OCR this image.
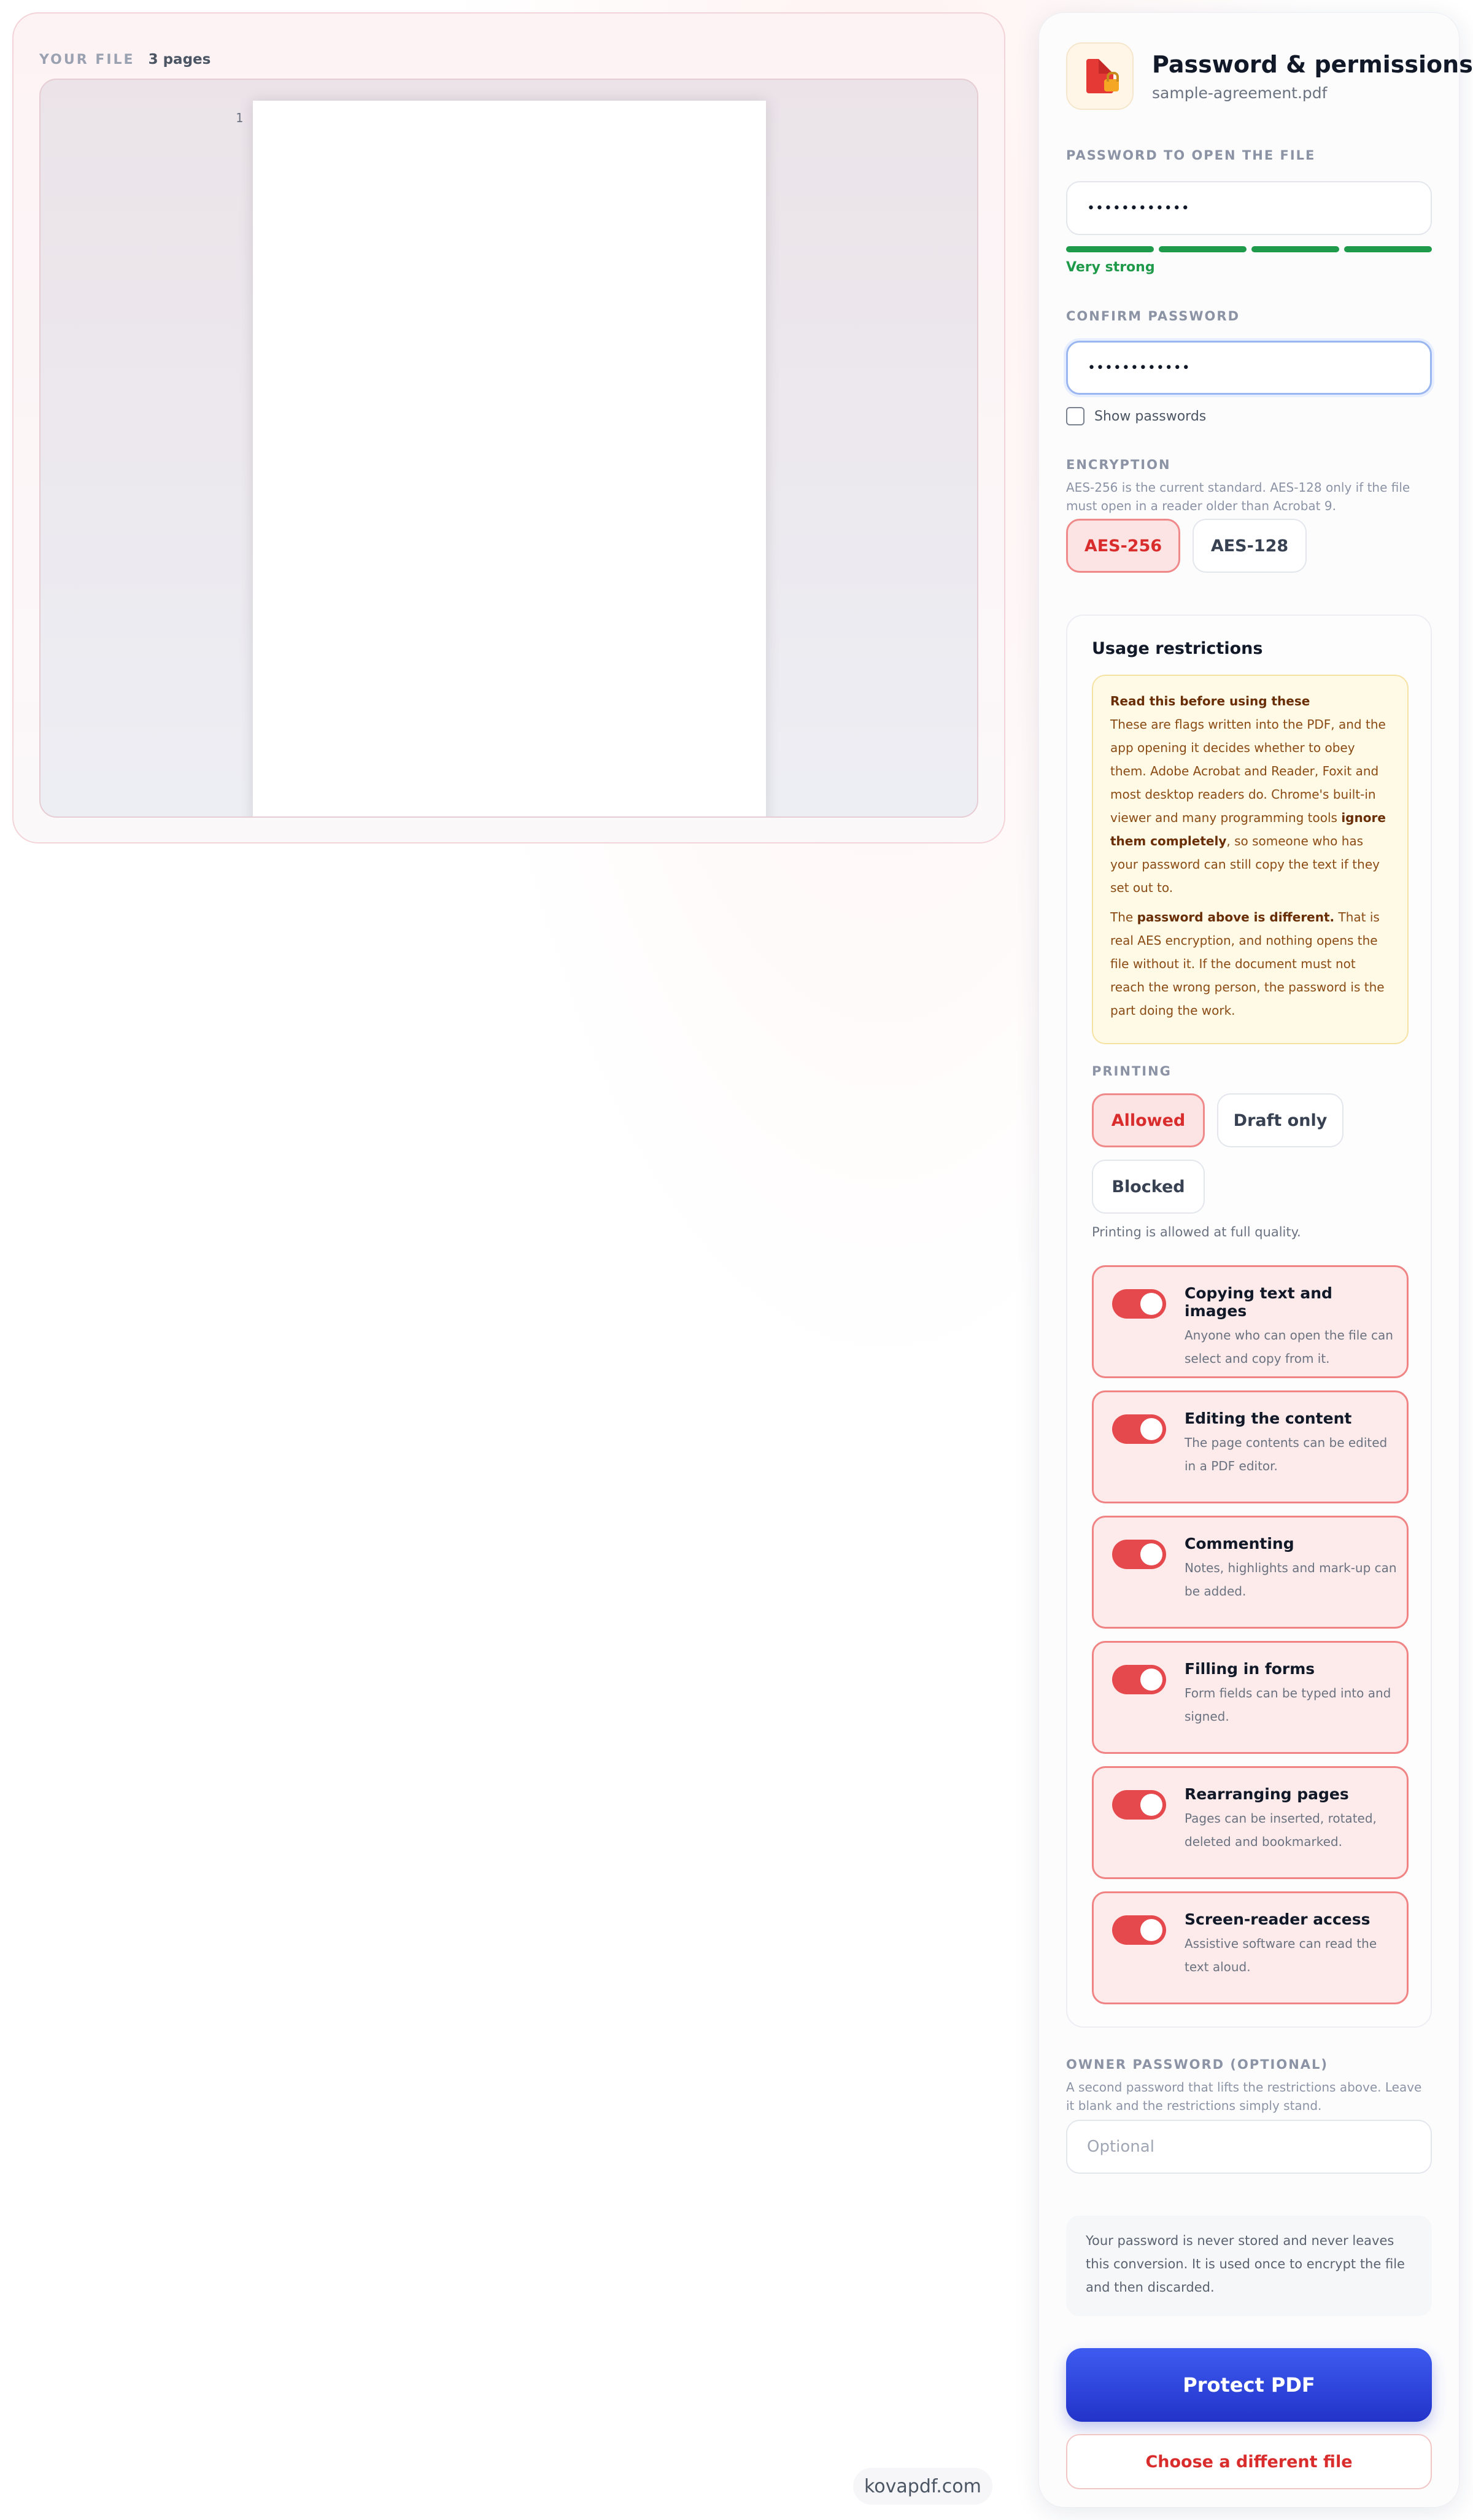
YOUR FILE 3 pages
1
kovapdf.com
Password & permissions
sample-agreement.pdf
PASSWORD TO OPEN THE FILE
••••••••••••
Very strong
CONFIRM PASSWORD
••••••••••••
Show passwords
ENCRYPTION
AES-256 is the current standard. AES-128 only if the file must open in a reader older than Acrobat 9.
AES-256	AES-128
Usage restrictions
Read this before using these
These are flags written into the PDF, and the app opening it decides whether to obey them. Adobe Acrobat and Reader, Foxit and most desktop readers do. Chrome's built-in viewer and many programming tools ignore them completely, so someone who has your password can still copy the text if they set out to.
The password above is different. That is real AES encryption, and nothing opens the file without it. If the document must not reach the wrong person, the password is the part doing the work.
PRINTING
Allowed	Draft only
Blocked
Printing is allowed at full quality.
Copying text and images
Anyone who can open the file can select and copy from it.
Editing the content
The page contents can be edited in a PDF editor.
Commenting
Notes, highlights and mark-up can be added.
Filling in forms
Form fields can be typed into and signed.
Rearranging pages
Pages can be inserted, rotated, deleted and bookmarked.
Screen-reader access
Assistive software can read the text aloud.
OWNER PASSWORD (OPTIONAL)
A second password that lifts the restrictions above. Leave it blank and the restrictions simply stand.
Optional
Your password is never stored and never leaves this conversion. It is used once to encrypt the file and then discarded.
Protect PDF
Choose a different file
